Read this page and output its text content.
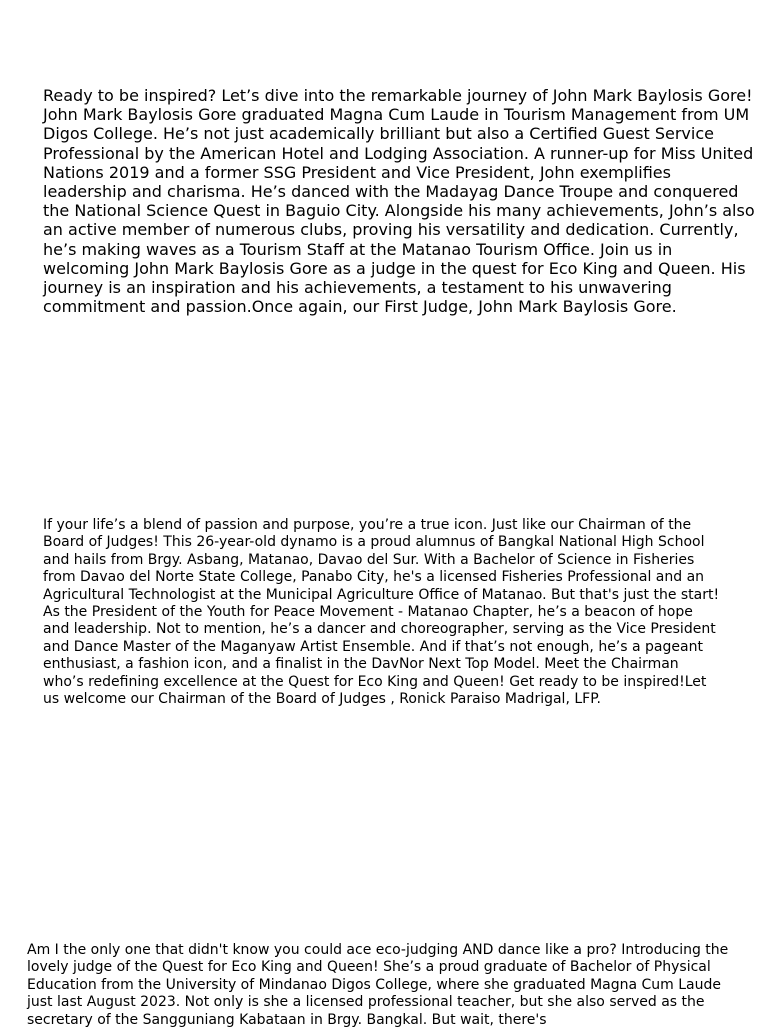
Ready to be inspired? Let’s dive into the remarkable journey of John Mark Baylosis Gore! John Mark Baylosis Gore graduated Magna Cum Laude in Tourism Management from UM Digos College. He’s not just academically brilliant but also a Certified Guest Service Professional by the American Hotel and Lodging Association. A runner-up for Miss United Nations 2019 and a former SSG President and Vice President, John exemplifies leadership and charisma. He’s danced with the Madayag Dance Troupe and conquered the National Science Quest in Baguio City. Alongside his many achievements, John’s also an active member of numerous clubs, proving his versatility and dedication. Currently, he’s making waves as a Tourism Staff at the Matanao Tourism Office. Join us in welcoming John Mark Baylosis Gore as a judge in the quest for Eco King and Queen. His journey is an inspiration and his achievements, a testament to his unwavering commitment and passion.Once again, our First Judge, John Mark Baylosis Gore.

If your life’s a blend of passion and purpose, you’re a true icon. Just like our Chairman of the Board of Judges! This 26-year-old dynamo is a proud alumnus of Bangkal National High School and hails from Brgy. Asbang, Matanao, Davao del Sur. With a Bachelor of Science in Fisheries from Davao del Norte State College, Panabo City, he's a licensed Fisheries Professional and an Agricultural Technologist at the Municipal Agriculture Office of Matanao. But that's just the start! As the President of the Youth for Peace Movement - Matanao Chapter, he’s a beacon of hope and leadership. Not to mention, he’s a dancer and choreographer, serving as the Vice President and Dance Master of the Maganyaw Artist Ensemble. And if that’s not enough, he’s a pageant enthusiast, a fashion icon, and a finalist in the DavNor Next Top Model. Meet the Chairman who’s redefining excellence at the Quest for Eco King and Queen! Get ready to be inspired!Let us welcome our Chairman of the Board of Judges , Ronick Paraiso Madrigal, LFP.

Am I the only one that didn't know you could ace eco-judging AND dance like a pro? Introducing the lovely judge of the Quest for Eco King and Queen! She’s a proud graduate of Bachelor of Physical Education from the University of Mindanao Digos College, where she graduated Magna Cum Laude just last August 2023. Not only is she a licensed professional teacher, but she also served as the secretary of the Sangguniang Kabataan in Brgy. Bangkal. But wait, there's
